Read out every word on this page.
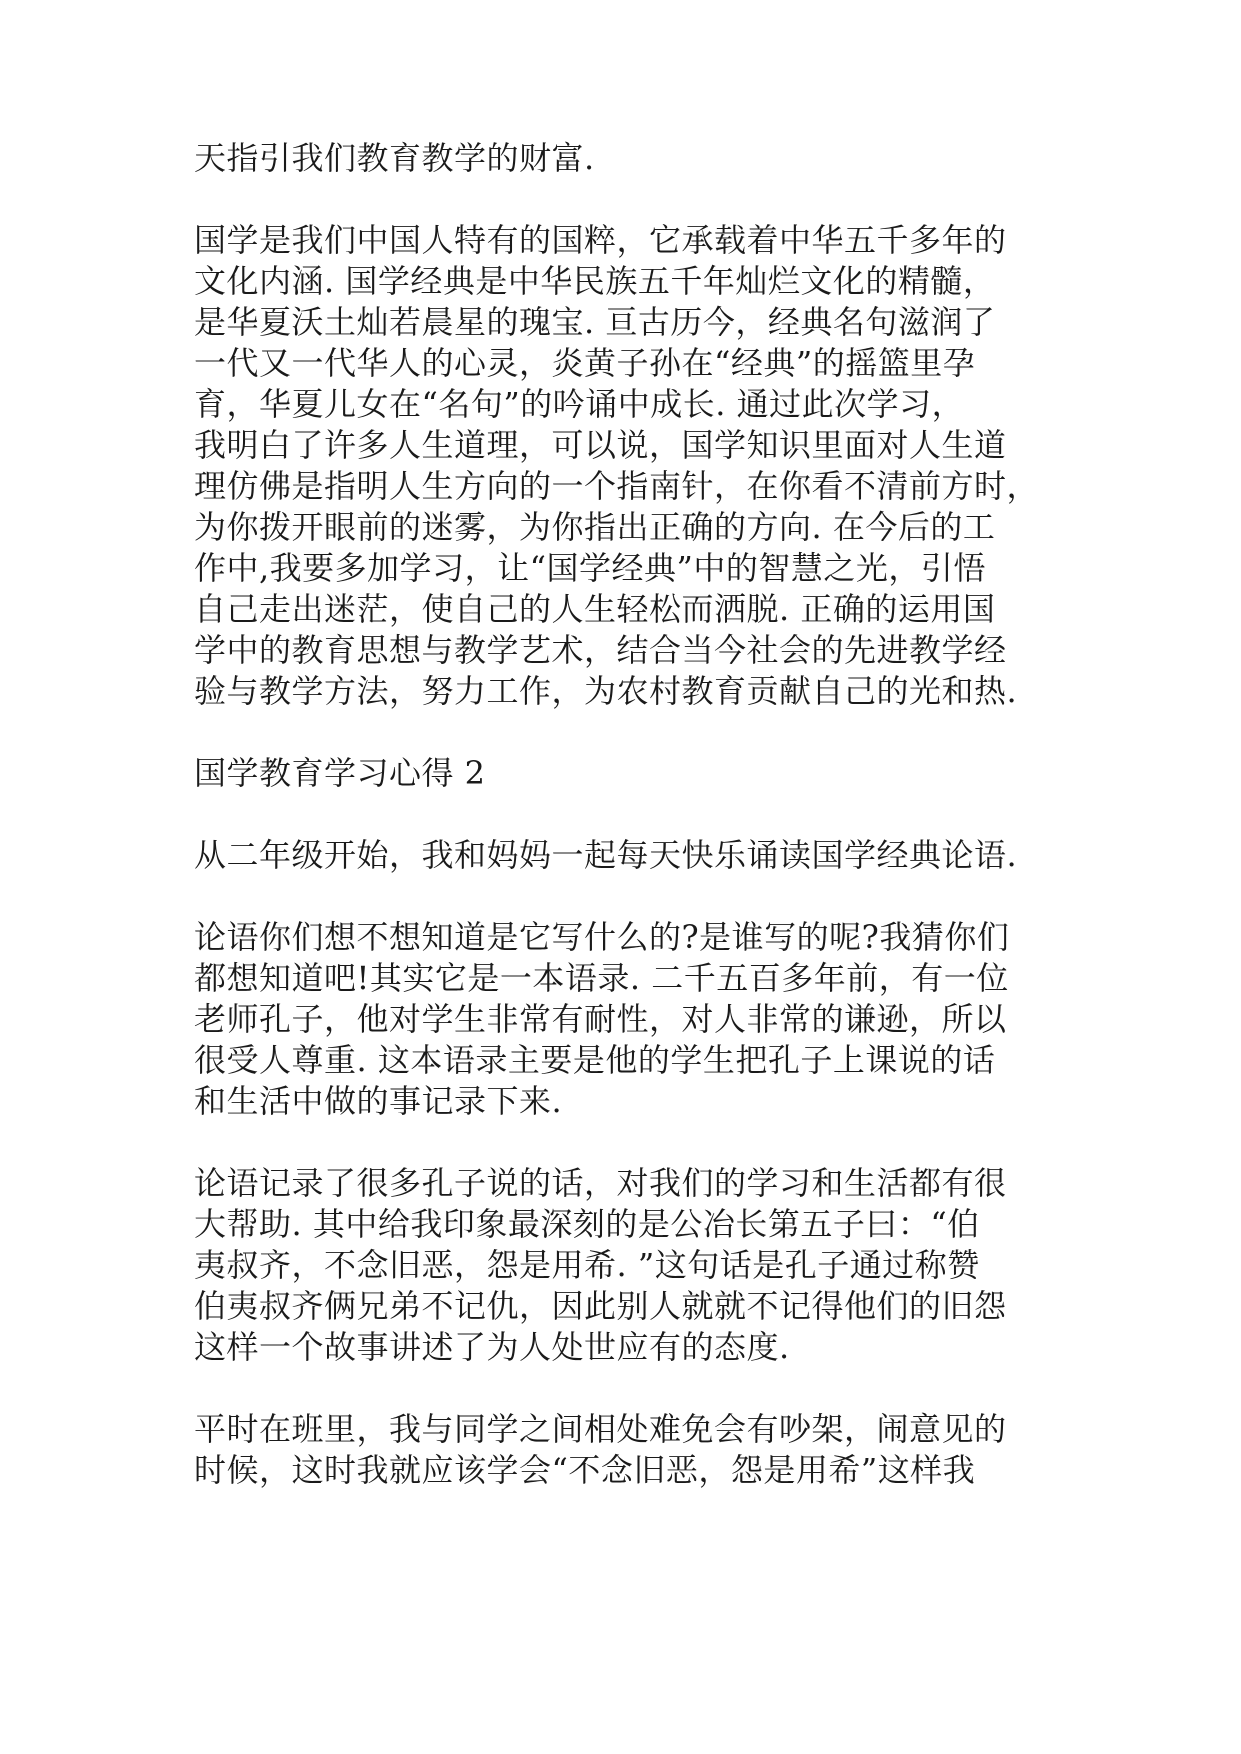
天指引我们教育教学的财富.

国学是我们中国人特有的国粹，它承载着中华五千多年的
文化内涵. 国学经典是中华民族五千年灿烂文化的精髓，
是华夏沃土灿若晨星的瑰宝. 亘古历今，经典名句滋润了
一代又一代华人的心灵，炎黄子孙在“经典”的摇篮里孕
育，华夏儿女在“名句”的吟诵中成长. 通过此次学习，
我明白了许多人生道理，可以说，国学知识里面对人生道
理仿佛是指明人生方向的一个指南针，在你看不清前方时，
为你拨开眼前的迷雾，为你指出正确的方向. 在今后的工
作中,我要多加学习，让“国学经典”中的智慧之光，引悟
自己走出迷茫，使自己的人生轻松而洒脱. 正确的运用国
学中的教育思想与教学艺术，结合当今社会的先进教学经
验与教学方法，努力工作，为农村教育贡献自己的光和热.

国学教育学习心得 2

从二年级开始，我和妈妈一起每天快乐诵读国学经典论语.

论语你们想不想知道是它写什么的?是谁写的呢?我猜你们
都想知道吧!其实它是一本语录. 二千五百多年前，有一位
老师孔子，他对学生非常有耐性，对人非常的谦逊，所以
很受人尊重. 这本语录主要是他的学生把孔子上课说的话
和生活中做的事记录下来.

论语记录了很多孔子说的话，对我们的学习和生活都有很
大帮助. 其中给我印象最深刻的是公冶长第五子曰：“伯
夷叔齐，不念旧恶，怨是用希. ”这句话是孔子通过称赞
伯夷叔齐俩兄弟不记仇，因此别人就就不记得他们的旧怨
这样一个故事讲述了为人处世应有的态度.

平时在班里，我与同学之间相处难免会有吵架，闹意见的
时候，这时我就应该学会“不念旧恶，怨是用希”这样我
